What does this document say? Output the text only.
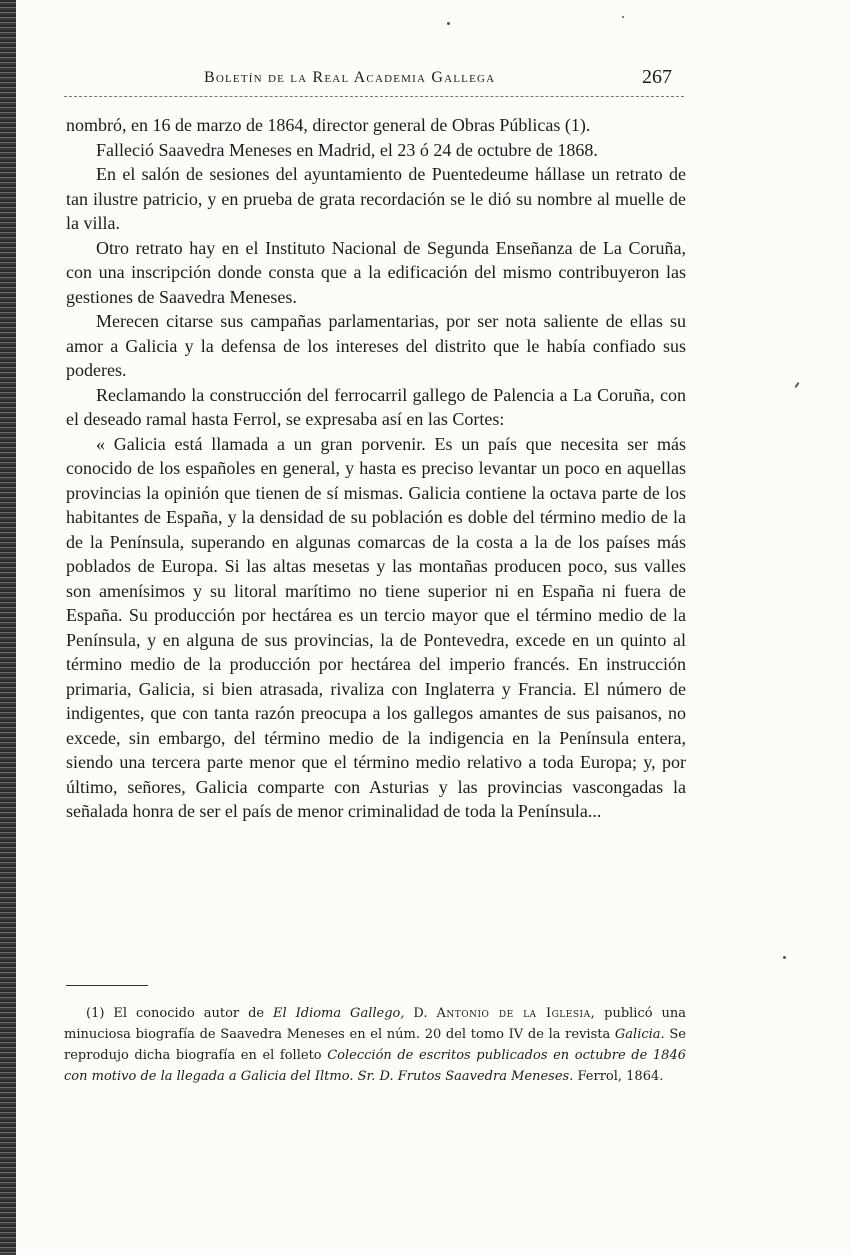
Boletín de la Real Academia Gallega	267

nombró, en 16 de marzo de 1864, director general de Obras Públicas (1).

Falleció Saavedra Meneses en Madrid, el 23 ó 24 de octubre de 1868.

En el salón de sesiones del ayuntamiento de Puentedeume hállase un retrato de tan ilustre patricio, y en prueba de grata recordación se le dió su nombre al muelle de la villa.

Otro retrato hay en el Instituto Nacional de Segunda Enseñanza de La Coruña, con una inscripción donde consta que a la edificación del mismo contribuyeron las gestiones de Saavedra Meneses.

Merecen citarse sus campañas parlamentarias, por ser nota saliente de ellas su amor a Galicia y la defensa de los intereses del distrito que le había confiado sus poderes.

Reclamando la construcción del ferrocarril gallego de Palencia a La Coruña, con el deseado ramal hasta Ferrol, se expresaba así en las Cortes:

« Galicia está llamada a un gran porvenir. Es un país que necesita ser más conocido de los españoles en general, y hasta es preciso levantar un poco en aquellas provincias la opinión que tienen de sí mismas. Galicia contiene la octava parte de los habitantes de España, y la densidad de su población es doble del término medio de la de la Península, superando en algunas comarcas de la costa a la de los países más poblados de Europa. Si las altas mesetas y las montañas producen poco, sus valles son amenísimos y su litoral marítimo no tiene superior ni en España ni fuera de España. Su producción por hectárea es un tercio mayor que el término medio de la Península, y en alguna de sus provincias, la de Pontevedra, excede en un quinto al término medio de la producción por hectárea del imperio francés. En instrucción primaria, Galicia, si bien atrasada, rivaliza con Inglaterra y Francia. El número de indigentes, que con tanta razón preocupa a los gallegos amantes de sus paisanos, no excede, sin embargo, del término medio de la indigencia en la Península entera, siendo una tercera parte menor que el término medio relativo a toda Europa; y, por último, señores, Galicia comparte con Asturias y las provincias vascongadas la señalada honra de ser el país de menor criminalidad de toda la Península...

(1) El conocido autor de El Idioma Gallego, D. Antonio de la Iglesia, publicó una minuciosa biografía de Saavedra Meneses en el núm. 20 del tomo IV de la revista Galicia. Se reprodujo dicha biografía en el folleto Colección de escritos publicados en octubre de 1846 con motivo de la llegada a Galicia del Iltmo. Sr. D. Frutos Saavedra Meneses. Ferrol, 1864.
